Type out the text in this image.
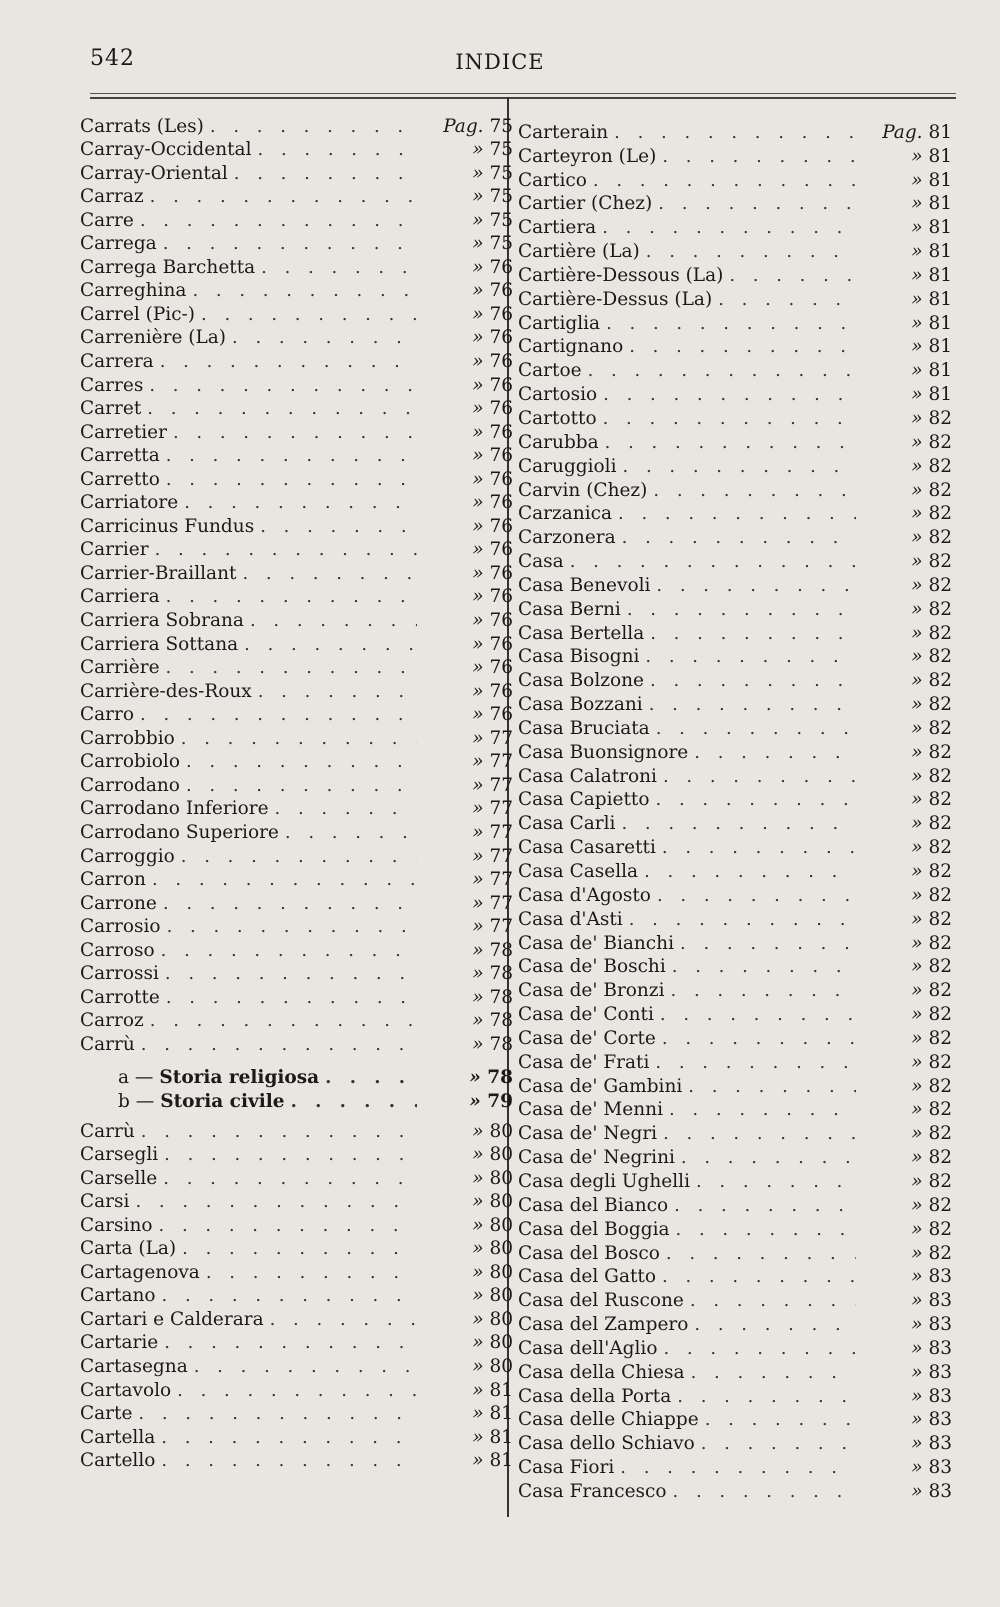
542	INDICE
Carrats (Les) . . .	Pag. 75
Carray-Occidental . . .	» 75
Carray-Oriental . . .	» 75
Carraz . . .	» 75
Carre . . .	» 75
Carrega . . .	» 75
Carrega Barchetta . . .	» 76
Carreghina . . .	» 76
Carrel (Pic-) . . .	» 76
Carrenière (La) . . .	» 76
Carrera . . .	» 76
Carres . . .	» 76
Carret . . .	» 76
Carretier . . .	» 76
Carretta . . .	» 76
Carretto . . .	» 76
Carriatore . . .	» 76
Carricinus Fundus . . .	» 76
Carrier . . .	» 76
Carrier-Braillant . . .	» 76
Carriera . . .	» 76
Carriera Sobrana . . .	» 76
Carriera Sottana . . .	» 76
Carrière . . .	» 76
Carrière-des-Roux . . .	» 76
Carro . . .	» 76
Carrobbio . . .	» 77
Carrobiolo . . .	» 77
Carrodano . . .	» 77
Carrodano Inferiore . . .	» 77
Carrodano Superiore . . .	» 77
Carroggio . . .	» 77
Carron . . .	» 77
Carrone . . .	» 77
Carrosio . . .	» 77
Carroso . . .	» 78
Carrossi . . .	» 78
Carrotte . . .	» 78
Carroz . . .	» 78
Carrù . . .	» 78
a — Storia religiosa . . .	» 78
b — Storia civile . . .	» 79
Carrù . . .	» 80
Carsegli . . .	» 80
Carselle . . .	» 80
Carsi . . .	» 80
Carsino . . .	» 80
Carta (La) . . .	» 80
Cartagenova . . .	» 80
Cartano . . .	» 80
Cartari e Calderara . . .	» 80
Cartarie . . .	» 80
Cartasegna . . .	» 80
Cartavolo . . .	» 81
Carte . . .	» 81
Cartella . . .	» 81
Cartello . . .	» 81
Carterain . . .	Pag. 81
Carteyron (Le) . . .	» 81
Cartico . . .	» 81
Cartier (Chez) . . .	» 81
Cartiera . . .	» 81
Cartière (La) . . .	» 81
Cartière-Dessous (La) . . .	» 81
Cartière-Dessus (La) . . .	» 81
Cartiglia . . .	» 81
Cartignano . . .	» 81
Cartoe . . .	» 81
Cartosio . . .	» 81
Cartotto . . .	» 82
Carubba . . .	» 82
Caruggioli . . .	» 82
Carvin (Chez) . . .	» 82
Carzanica . . .	» 82
Carzonera . . .	» 82
Casa . . .	» 82
Casa Benevoli . . .	» 82
Casa Berni . . .	» 82
Casa Bertella . . .	» 82
Casa Bisogni . . .	» 82
Casa Bolzone . . .	» 82
Casa Bozzani . . .	» 82
Casa Bruciata . . .	» 82
Casa Buonsignore . . .	» 82
Casa Calatroni . . .	» 82
Casa Capietto . . .	» 82
Casa Carli . . .	» 82
Casa Casaretti . . .	» 82
Casa Casella . . .	» 82
Casa d'Agosto . . .	» 82
Casa d'Asti . . .	» 82
Casa de' Bianchi . . .	» 82
Casa de' Boschi . . .	» 82
Casa de' Bronzi . . .	» 82
Casa de' Conti . . .	» 82
Casa de' Corte . . .	» 82
Casa de' Frati . . .	» 82
Casa de' Gambini . . .	» 82
Casa de' Menni . . .	» 82
Casa de' Negri . . .	» 82
Casa de' Negrini . . .	» 82
Casa degli Ughelli . . .	» 82
Casa del Bianco . . .	» 82
Casa del Boggia . . .	» 82
Casa del Bosco . . .	» 82
Casa del Gatto . . .	» 83
Casa del Ruscone . . .	» 83
Casa del Zampero . . .	» 83
Casa dell'Aglio . . .	» 83
Casa della Chiesa . . .	» 83
Casa della Porta . . .	» 83
Casa delle Chiappe . . .	» 83
Casa dello Schiavo . . .	» 83
Casa Fiori . . .	» 83
Casa Francesco . . .	» 83
